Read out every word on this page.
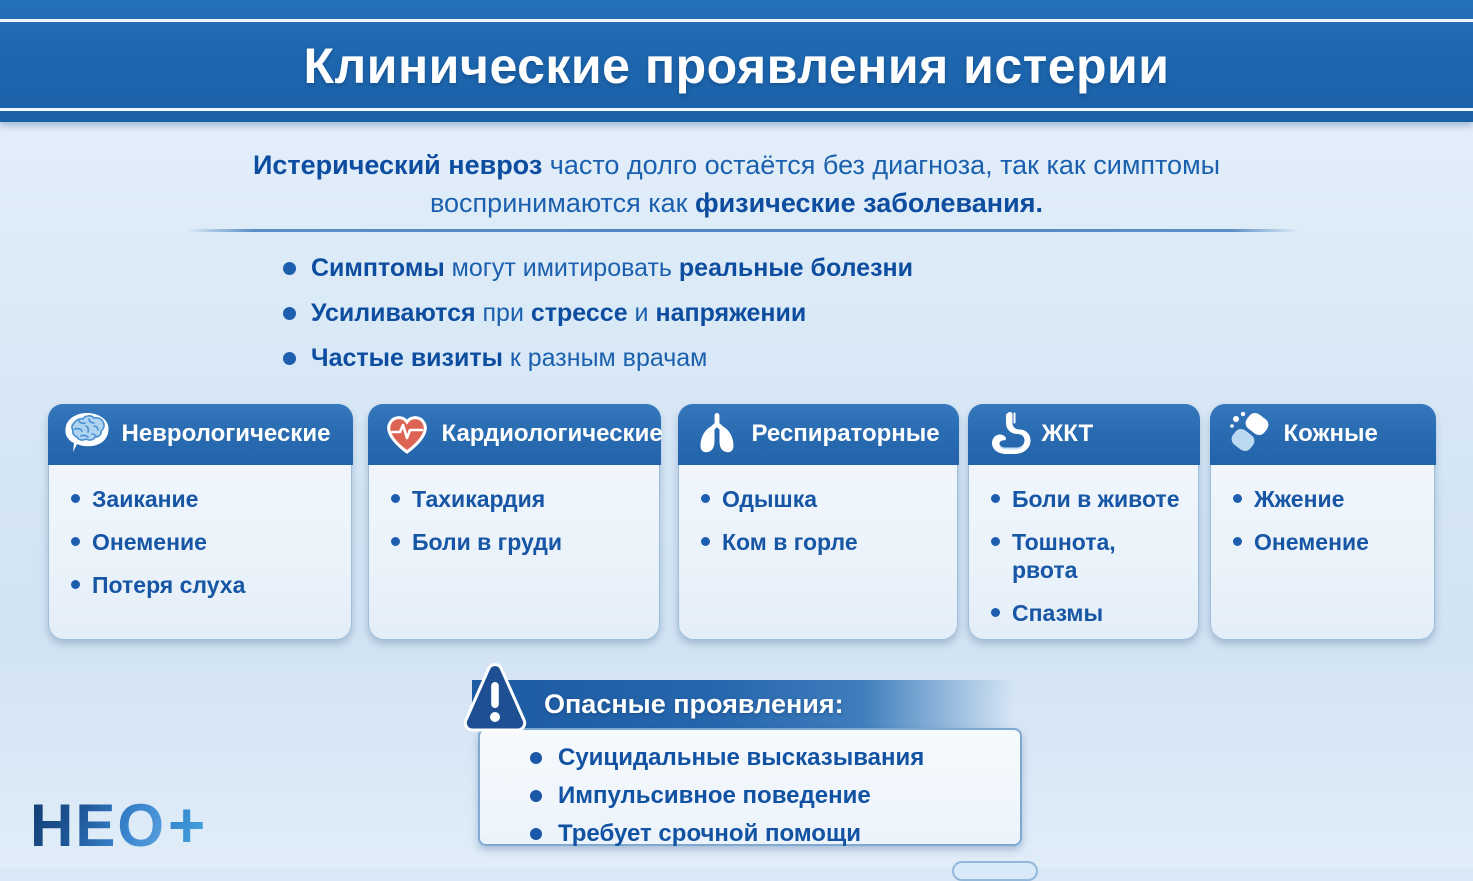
Клинические проявления истерии
Истерический невроз часто долго остаётся без диагноза, так как симптомы воспринимаются как физические заболевания.
Симптомы могут имитировать реальные болезни
Усиливаются при стрессе и напряжении
Частые визиты к разным врачам
Неврологические
Заикание
Онемение
Потеря слуха
Кардиологические
Тахикардия
Боли в груди
Респираторные
Одышка
Ком в горле
ЖКТ
Боли в животе
Тошнота, рвота
Спазмы
Кожные
Жжение
Онемение
Опасные проявления:
Суицидальные высказывания
Импульсивное поведение
Требует срочной помощи
НЕО +
